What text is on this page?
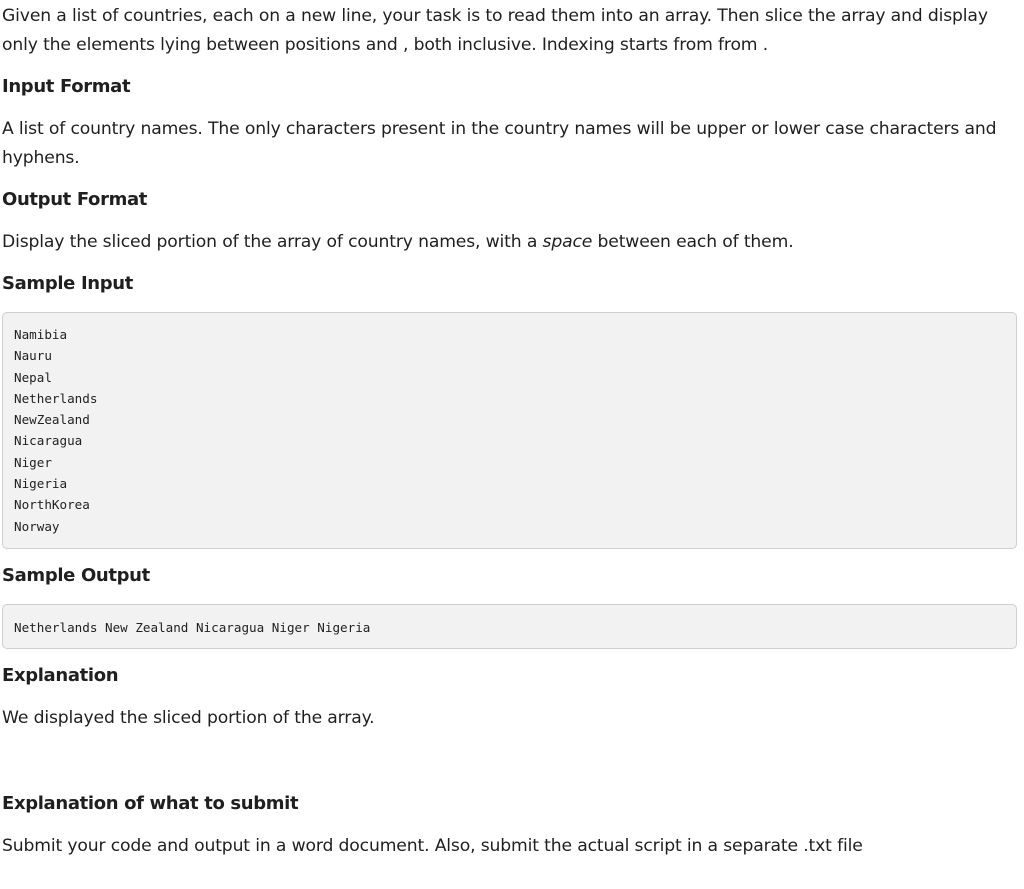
Given a list of countries, each on a new line, your task is to read them into an array. Then slice the array and display only the elements lying between positions and , both inclusive. Indexing starts from from .

Input Format

A list of country names. The only characters present in the country names will be upper or lower case characters and hyphens.

Output Format

Display the sliced portion of the array of country names, with a space between each of them.

Sample Input
Namibia
Nauru
Nepal
Netherlands
NewZealand
Nicaragua
Niger
Nigeria
NorthKorea
Norway
Sample Output
Netherlands New Zealand Nicaragua Niger Nigeria
Explanation

We displayed the sliced portion of the array.

Explanation of what to submit

Submit your code and output in a word document. Also, submit the actual script in a separate .txt file
